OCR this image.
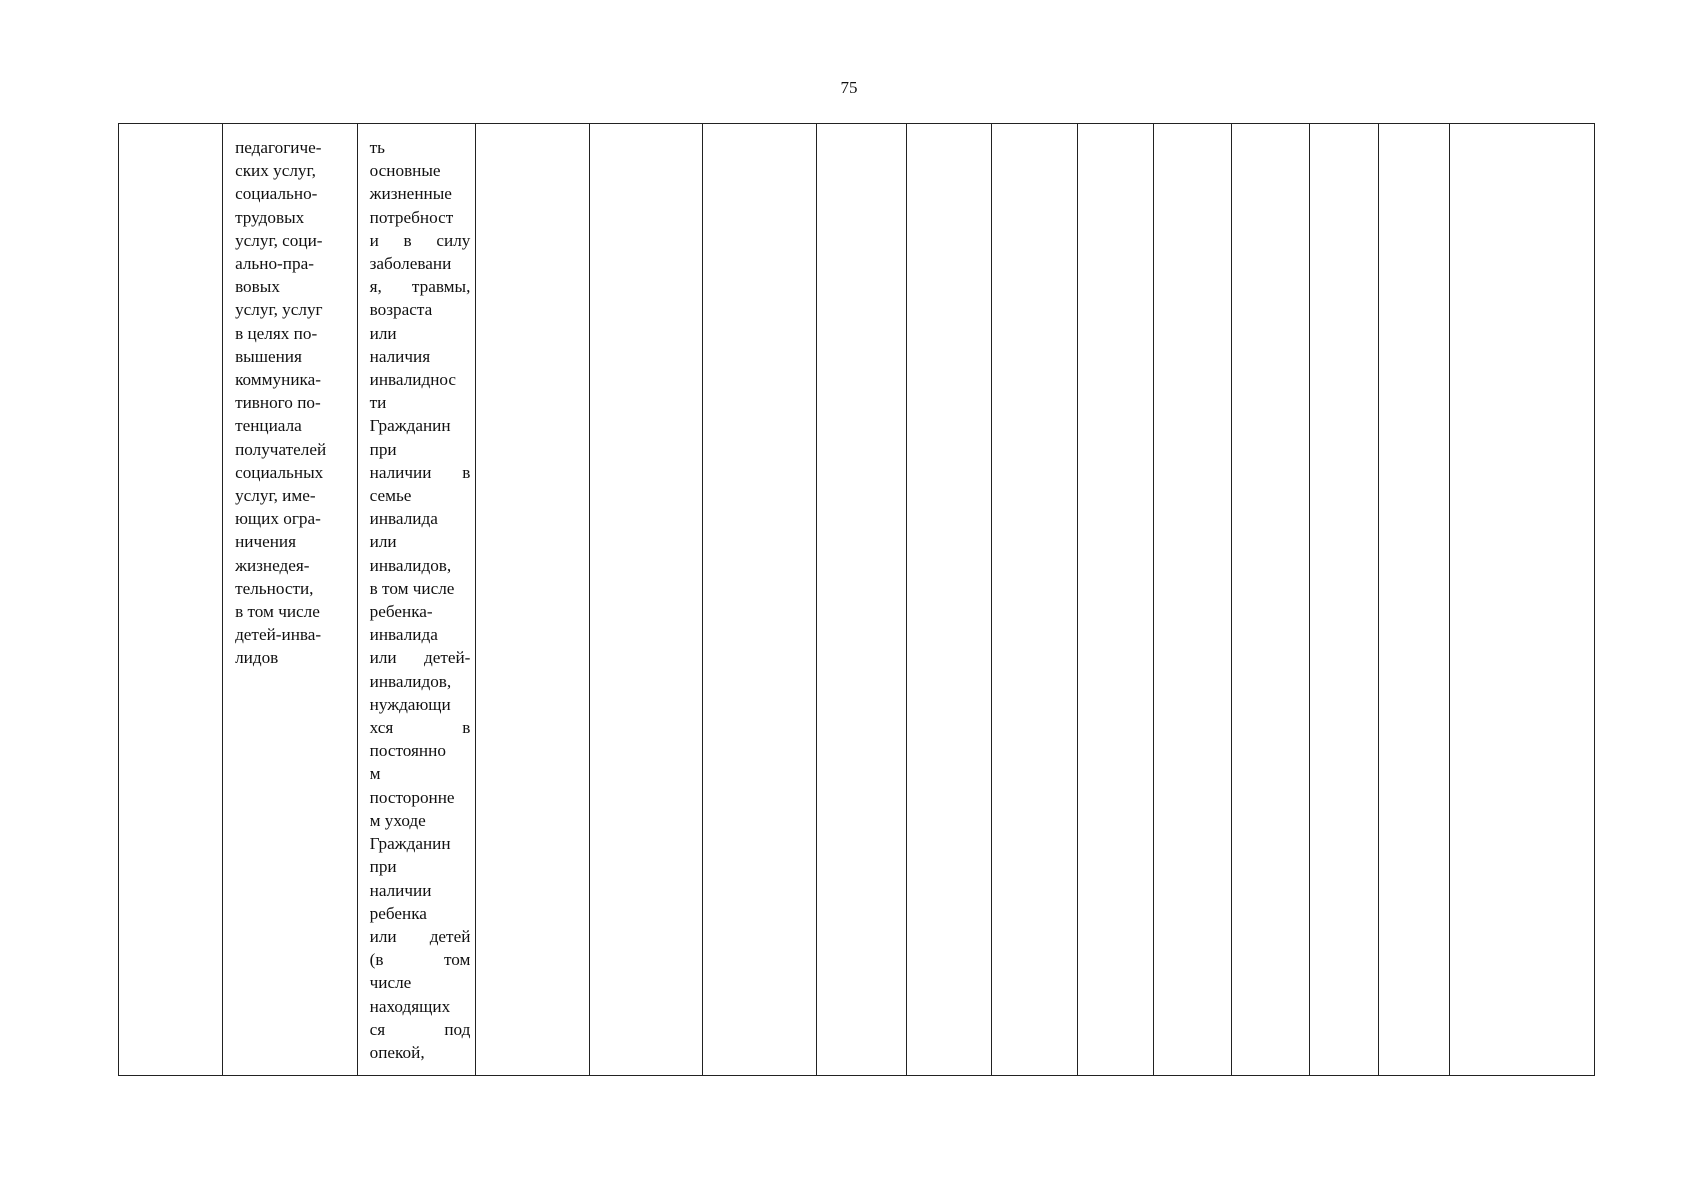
75

педагогиче-
ских услуг,
социально-
трудовых
услуг, соци-
ально-пра-
вовых
услуг, услуг
в целях по-
вышения
коммуника-
тивного по-
тенциала
получателей
социальных
услуг, име-
ющих огра-
ничения
жизнедея-
тельности,
в том числе
детей-инва-
лидов

ть
основные
жизненные
потребност
и в силу
заболевани
я, травмы,
возраста
или
наличия
инвалиднос
ти
Гражданин
при
наличии в
семье
инвалида
или
инвалидов,
в том числе
ребенка-
инвалида
или детей-
инвалидов,
нуждающи
хся	в
постоянно
м
посторонне
м уходе
Гражданин
при
наличии
ребенка
или детей
(в	том
числе
находящих
ся	под
опекой,
